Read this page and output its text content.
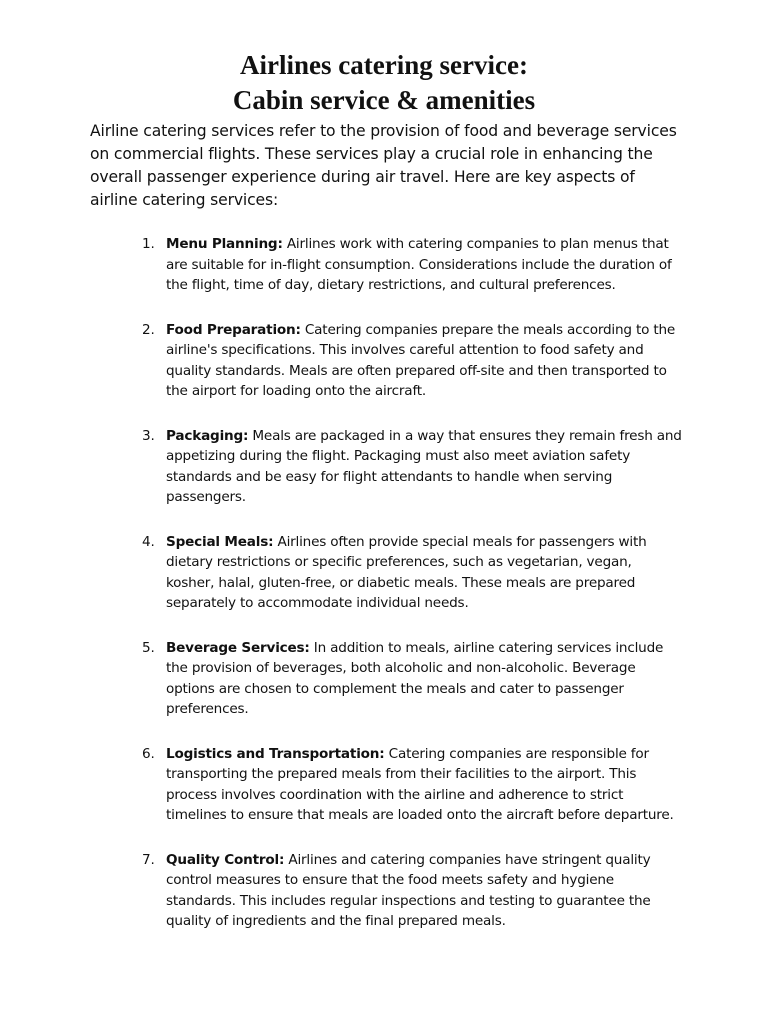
Airlines catering service:
Cabin service & amenities

Airline catering services refer to the provision of food and beverage services on commercial flights. These services play a crucial role in enhancing the overall passenger experience during air travel. Here are key aspects of airline catering services:

1. Menu Planning: Airlines work with catering companies to plan menus that are suitable for in-flight consumption. Considerations include the duration of the flight, time of day, dietary restrictions, and cultural preferences.
2. Food Preparation: Catering companies prepare the meals according to the airline's specifications. This involves careful attention to food safety and quality standards. Meals are often prepared off-site and then transported to the airport for loading onto the aircraft.
3. Packaging: Meals are packaged in a way that ensures they remain fresh and appetizing during the flight. Packaging must also meet aviation safety standards and be easy for flight attendants to handle when serving passengers.
4. Special Meals: Airlines often provide special meals for passengers with dietary restrictions or specific preferences, such as vegetarian, vegan, kosher, halal, gluten-free, or diabetic meals. These meals are prepared separately to accommodate individual needs.
5. Beverage Services: In addition to meals, airline catering services include the provision of beverages, both alcoholic and non-alcoholic. Beverage options are chosen to complement the meals and cater to passenger preferences.
6. Logistics and Transportation: Catering companies are responsible for transporting the prepared meals from their facilities to the airport. This process involves coordination with the airline and adherence to strict timelines to ensure that meals are loaded onto the aircraft before departure.
7. Quality Control: Airlines and catering companies have stringent quality control measures to ensure that the food meets safety and hygiene standards. This includes regular inspections and testing to guarantee the quality of ingredients and the final prepared meals.
